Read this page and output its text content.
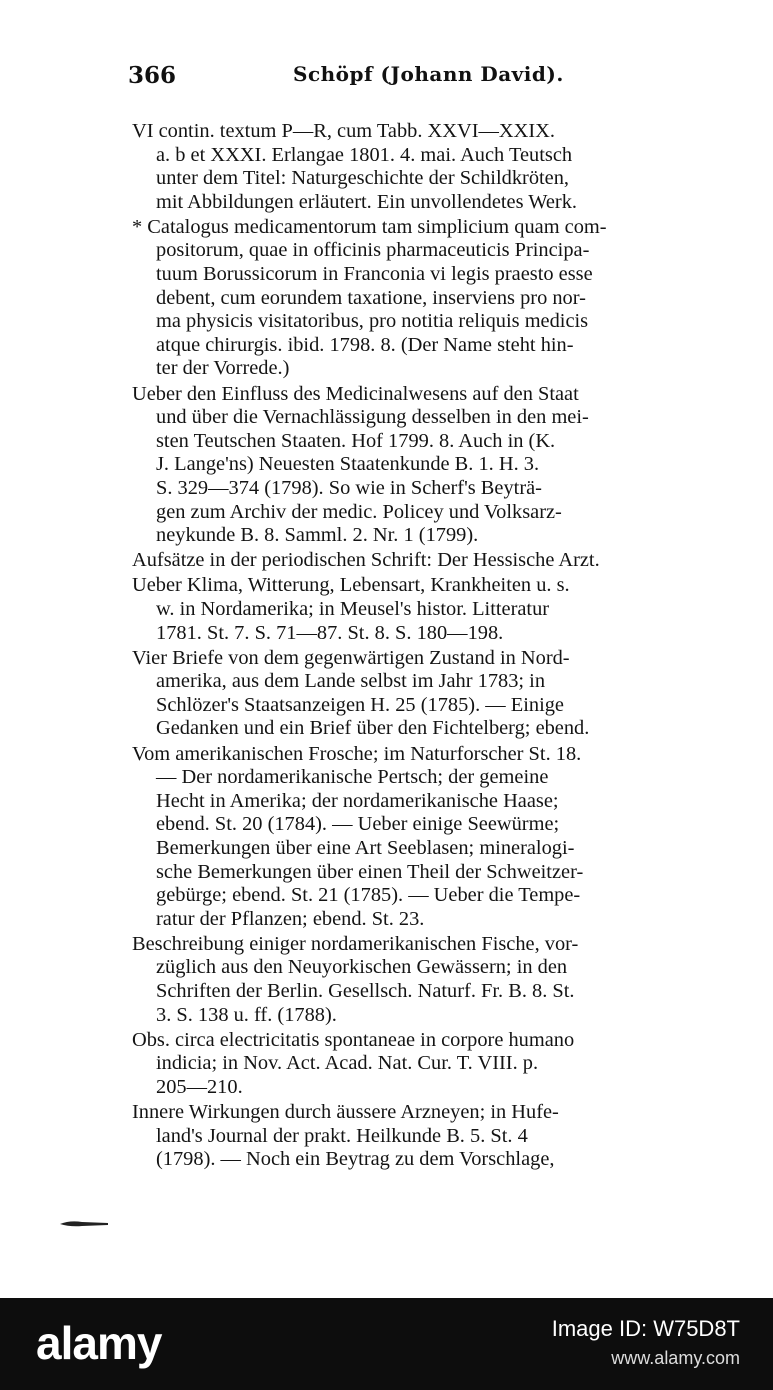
366	Schöpf (Johann David).
VI contin. textum P—R, cum Tabb. XXVI—XXIX.
a. b et XXXI. Erlangae 1801. 4. mai. Auch Teutsch
unter dem Titel: Naturgeschichte der Schildkröten,
mit Abbildungen erläutert. Ein unvollendetes Werk.
* Catalogus medicamentorum tam simplicium quam com-
positorum, quae in officinis pharmaceuticis Principa-
tuum Borussicorum in Franconia vi legis praesto esse
debent, cum eorundem taxatione, inserviens pro nor-
ma physicis visitatoribus, pro notitia reliquis medicis
atque chirurgis. ibid. 1798. 8. (Der Name steht hin-
ter der Vorrede.)
Ueber den Einfluss des Medicinalwesens auf den Staat
und über die Vernachlässigung desselben in den mei-
sten Teutschen Staaten. Hof 1799. 8. Auch in (K.
J. Lange'ns) Neuesten Staatenkunde B. 1. H. 3.
S. 329—374 (1798). So wie in Scherf's Beyträ-
gen zum Archiv der medic. Policey und Volksarz-
neykunde B. 8. Samml. 2. Nr. 1 (1799).
Aufsätze in der periodischen Schrift: Der Hessische Arzt.
Ueber Klima, Witterung, Lebensart, Krankheiten u. s.
w. in Nordamerika; in Meusel's histor. Litteratur
1781. St. 7. S. 71—87. St. 8. S. 180—198.
Vier Briefe von dem gegenwärtigen Zustand in Nord-
amerika, aus dem Lande selbst im Jahr 1783; in
Schlözer's Staatsanzeigen H. 25 (1785). — Einige
Gedanken und ein Brief über den Fichtelberg; ebend.
Vom amerikanischen Frosche; im Naturforscher St. 18.
— Der nordamerikanische Pertsch; der gemeine
Hecht in Amerika; der nordamerikanische Haase;
ebend. St. 20 (1784). — Ueber einige Seewürme;
Bemerkungen über eine Art Seeblasen; mineralogi-
sche Bemerkungen über einen Theil der Schweitzer-
gebürge; ebend. St. 21 (1785). — Ueber die Tempe-
ratur der Pflanzen; ebend. St. 23.
Beschreibung einiger nordamerikanischen Fische, vor-
züglich aus den Neuyorkischen Gewässern; in den
Schriften der Berlin. Gesellsch. Naturf. Fr. B. 8. St.
3. S. 138 u. ff. (1788).
Obs. circa electricitatis spontaneae in corpore humano
indicia; in Nov. Act. Acad. Nat. Cur. T. VIII. p.
205—210.
Innere Wirkungen durch äussere Arzneyen; in Hufe-
land's Journal der prakt. Heilkunde B. 5. St. 4
(1798). — Noch ein Beytrag zu dem Vorschlage,
alamy	Image ID: W75D8T
www.alamy.com
